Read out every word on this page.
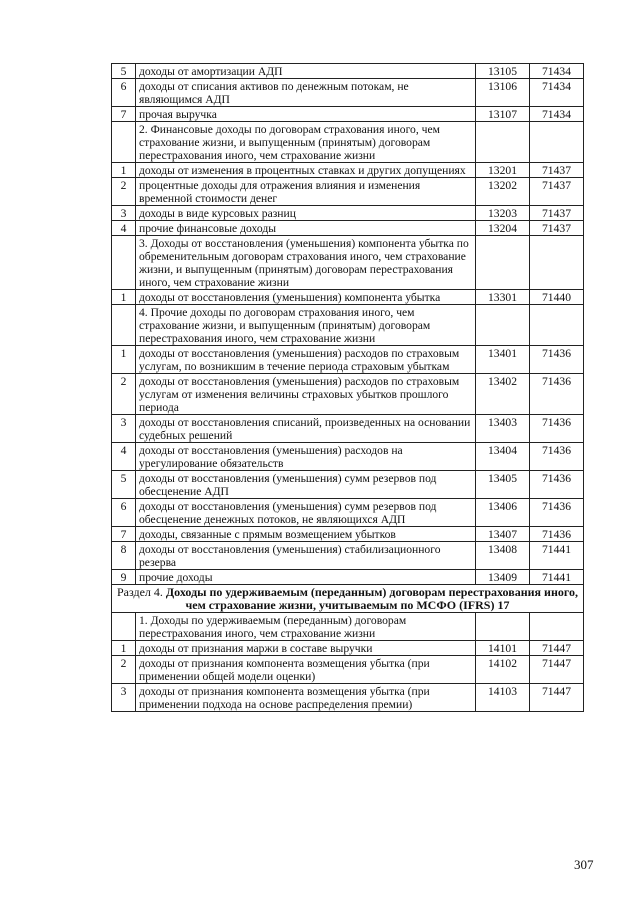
5	доходы от амортизации АДП	13105	71434
6	доходы от списания активов по денежным потокам, не являющимся АДП	13106	71434
7	прочая выручка	13107	71434
	2. Финансовые доходы по договорам страхования иного, чем страхование жизни, и выпущенным (принятым) договорам перестрахования иного, чем страхование жизни		
1	доходы от изменения в процентных ставках и других допущениях	13201	71437
2	процентные доходы для отражения влияния и изменения временной стоимости денег	13202	71437
3	доходы в виде курсовых разниц	13203	71437
4	прочие финансовые доходы	13204	71437
	3. Доходы от восстановления (уменьшения) компонента убытка по обременительным договорам страхования иного, чем страхование жизни, и выпущенным (принятым) договорам перестрахования иного, чем страхование жизни		
1	доходы от восстановления (уменьшения) компонента убытка	13301	71440
	4. Прочие доходы по договорам страхования иного, чем страхование жизни, и выпущенным (принятым) договорам перестрахования иного, чем страхование жизни		
1	доходы от восстановления (уменьшения) расходов по страховым услугам, по возникшим в течение периода страховым убыткам	13401	71436
2	доходы от восстановления (уменьшения) расходов по страховым услугам от изменения величины страховых убытков прошлого периода	13402	71436
3	доходы от восстановления списаний, произведенных на основании судебных решений	13403	71436
4	доходы от восстановления (уменьшения) расходов на урегулирование обязательств	13404	71436
5	доходы от восстановления (уменьшения) сумм резервов под обесценение АДП	13405	71436
6	доходы от восстановления (уменьшения) сумм резервов под обесценение денежных потоков, не являющихся АДП	13406	71436
7	доходы, связанные с прямым возмещением убытков	13407	71436
8	доходы от восстановления (уменьшения) стабилизационного резерва	13408	71441
9	прочие доходы	13409	71441
Раздел 4. Доходы по удерживаемым (переданным) договорам перестрахования иного, чем страхование жизни, учитываемым по МСФО (IFRS) 17			
	1. Доходы по удерживаемым (переданным) договорам перестрахования иного, чем страхование жизни		
1	доходы от признания маржи в составе выручки	14101	71447
2	доходы от признания компонента возмещения убытка (при применении общей модели оценки)	14102	71447
3	доходы от признания компонента возмещения убытка (при применении подхода на основе распределения премии)	14103	71447
307
